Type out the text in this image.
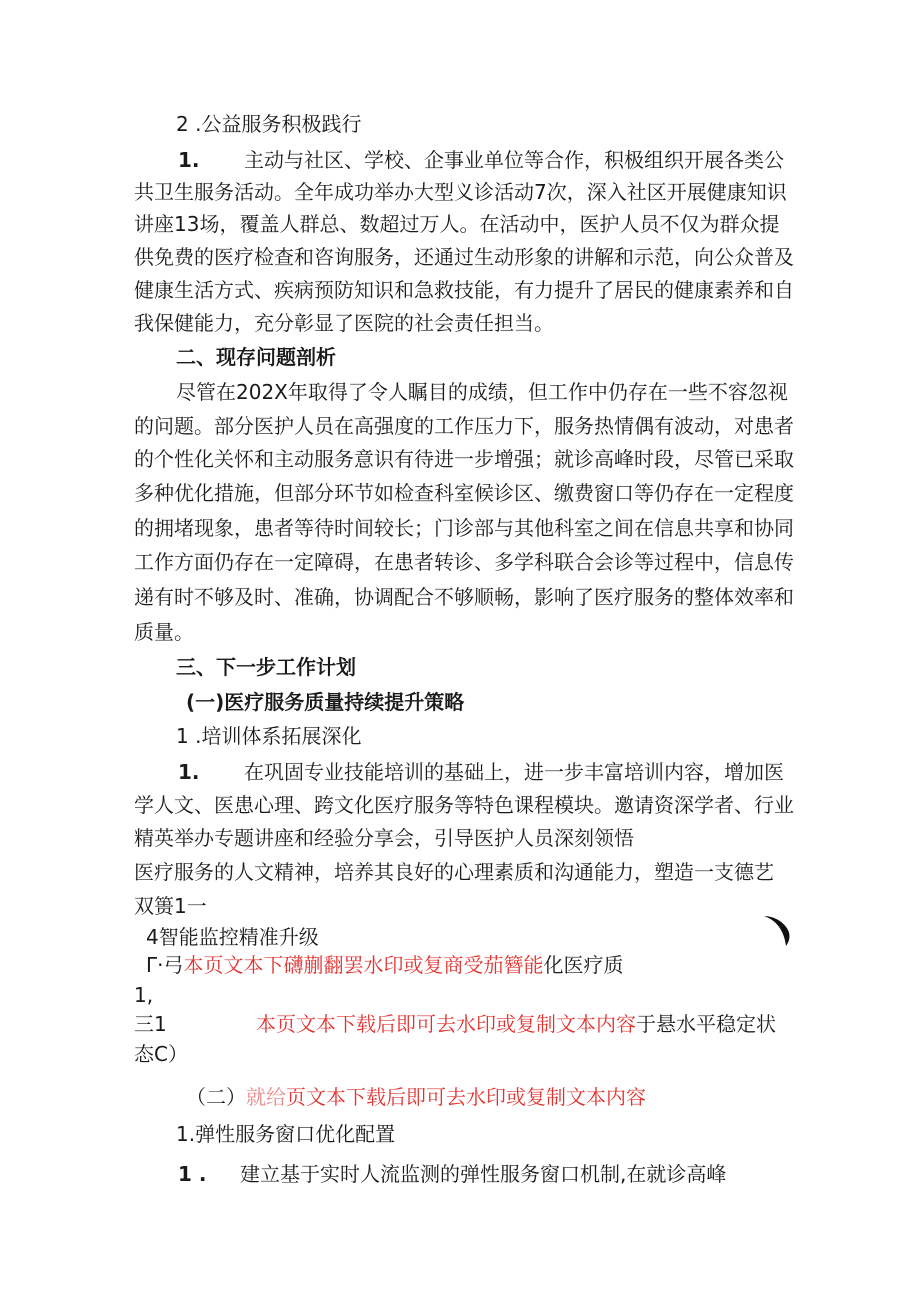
2 .公益服务积极践行
1. 主动与社区、学校、企事业单位等合作，积极组织开展各类公
共卫生服务活动。全年成功举办大型义诊活动7次，深入社区开展健康知识
讲座13场，覆盖人群总、数超过万人。在活动中，医护人员不仅为群众提
供免费的医疗检查和咨询服务，还通过生动形象的讲解和示范，向公众普及
健康生活方式、疾病预防知识和急救技能，有力提升了居民的健康素养和自
我保健能力，充分彰显了医院的社会责任担当。
二、现存问题剖析
尽管在202X年取得了令人瞩目的成绩，但工作中仍存在一些不容忽视
的问题。部分医护人员在高强度的工作压力下，服务热情偶有波动，对患者
的个性化关怀和主动服务意识有待进一步增强；就诊高峰时段，尽管已采取
多种优化措施，但部分环节如检查科室候诊区、缴费窗口等仍存在一定程度
的拥堵现象，患者等待时间较长；门诊部与其他科室之间在信息共享和协同
工作方面仍存在一定障碍，在患者转诊、多学科联合会诊等过程中，信息传
递有时不够及时、准确，协调配合不够顺畅，影响了医疗服务的整体效率和
质量。
三、下一步工作计划
(一)医疗服务质量持续提升策略
1 .培训体系拓展深化
1. 在巩固专业技能培训的基础上，进一步丰富培训内容，增加医
学人文、医患心理、跨文化医疗服务等特色课程模块。邀请资深学者、行业
精英举办专题讲座和经验分享会，引导医护人员深刻领悟
医疗服务的人文精神，培养其良好的心理素质和沟通能力，塑造一支德艺
双篑1一
4智能监控精准升级
Γ·弓本页文本下礴蒯翻罢水印或复商受茄簪能化医疗质
1,
三1	本页文本下载后即可去水印或复制文本内容于悬水平稳定状
态C）
（二）就给页文本下载后即可去水印或复制文本内容
1.弹性服务窗口优化配置
1 . 建立基于实时人流监测的弹性服务窗口机制,在就诊高峰
